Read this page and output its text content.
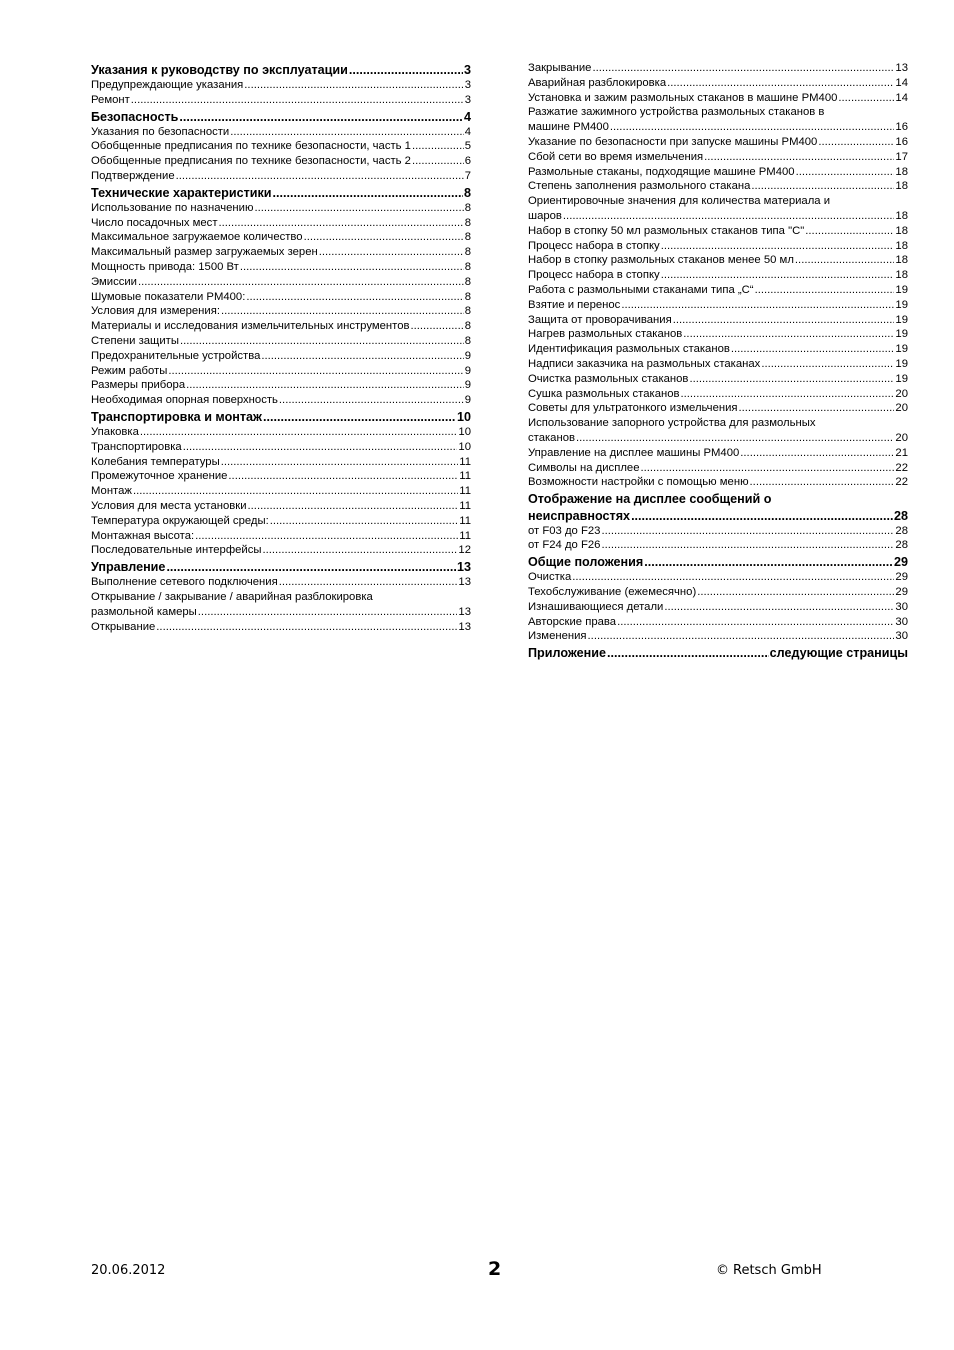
Указания к руководству по эксплуатации .....	3
Предупреждающие указания .....	3
Ремонт .....	3
Безопасность .....	4
Указания по безопасности .....	4
Обобщенные предписания по технике безопасности, часть 1 .....	5
Обобщенные предписания по технике безопасности, часть 2 .....	6
Подтверждение .....	7
Технические характеристики .....	8
Использование по назначению .....	8
Число посадочных мест .....	8
Максимальное загружаемое количество .....	8
Максимальный размер загружаемых зерен .....	8
Мощность привода: 1500 Вт .....	8
Эмиссии .....	8
Шумовые показатели PM400: .....	8
Условия для измерения: .....	8
Материалы и исследования измельчительных инструментов .....	8
Степени защиты .....	8
Предохранительные устройства .....	9
Режим работы .....	9
Размеры прибора .....	9
Необходимая опорная поверхность .....	9
Транспортировка и монтаж .....	10
Упаковка .....	10
Транспортировка .....	10
Колебания температуры .....	11
Промежуточное хранение .....	11
Монтаж .....	11
Условия для места установки .....	11
Температура окружающей среды: .....	11
Монтажная высота: .....	11
Последовательные интерфейсы .....	12
Управление .....	13
Выполнение сетевого подключения .....	13
Открывание / закрывание / аварийная разблокировка
размольной камеры .....	13
Открывание .....	13
Закрывание .....	13
Аварийная разблокировка .....	14
Установка и зажим размольных стаканов в машине PM400 .....	14
Разжатие зажимного устройства размольных стаканов в
машине PM400 .....	16
Указание по безопасности при запуске машины PM400 .....	16
Сбой сети во время измельчения .....	17
Размольные стаканы, подходящие машине PM400 .....	18
Степень заполнения размольного стакана .....	18
Ориентировочные значения для количества материала и
шаров .....	18
Набор в стопку 50 мл размольных стаканов типа "C" .....	18
Процесс набора в стопку .....	18
Набор в стопку размольных стаканов менее 50 мл .....	18
Процесс набора в стопку .....	18
Работа с размольными стаканами типа „C“ .....	19
Взятие и перенос .....	19
Защита от проворачивания .....	19
Нагрев размольных стаканов .....	19
Идентификация размольных стаканов .....	19
Надписи заказчика на размольных стаканах .....	19
Очистка размольных стаканов .....	19
Сушка размольных стаканов .....	20
Советы для ультратонкого измельчения .....	20
Использование запорного устройства для размольных
стаканов .....	20
Управление на дисплее машины PM400 .....	21
Символы на дисплее .....	22
Возможности настройки с помощью меню .....	22
Отображение на дисплее сообщений о
неисправностях .....	28
от F03 до F23 .....	28
от F24 до F26 .....	28
Общие положения .....	29
Очистка .....	29
Техобслуживание (ежемесячно) .....	29
Изнашивающиеся детали .....	30
Авторские права .....	30
Изменения .....	30
Приложение .....	следующие страницы
20.06.2012	2	© Retsch GmbH
